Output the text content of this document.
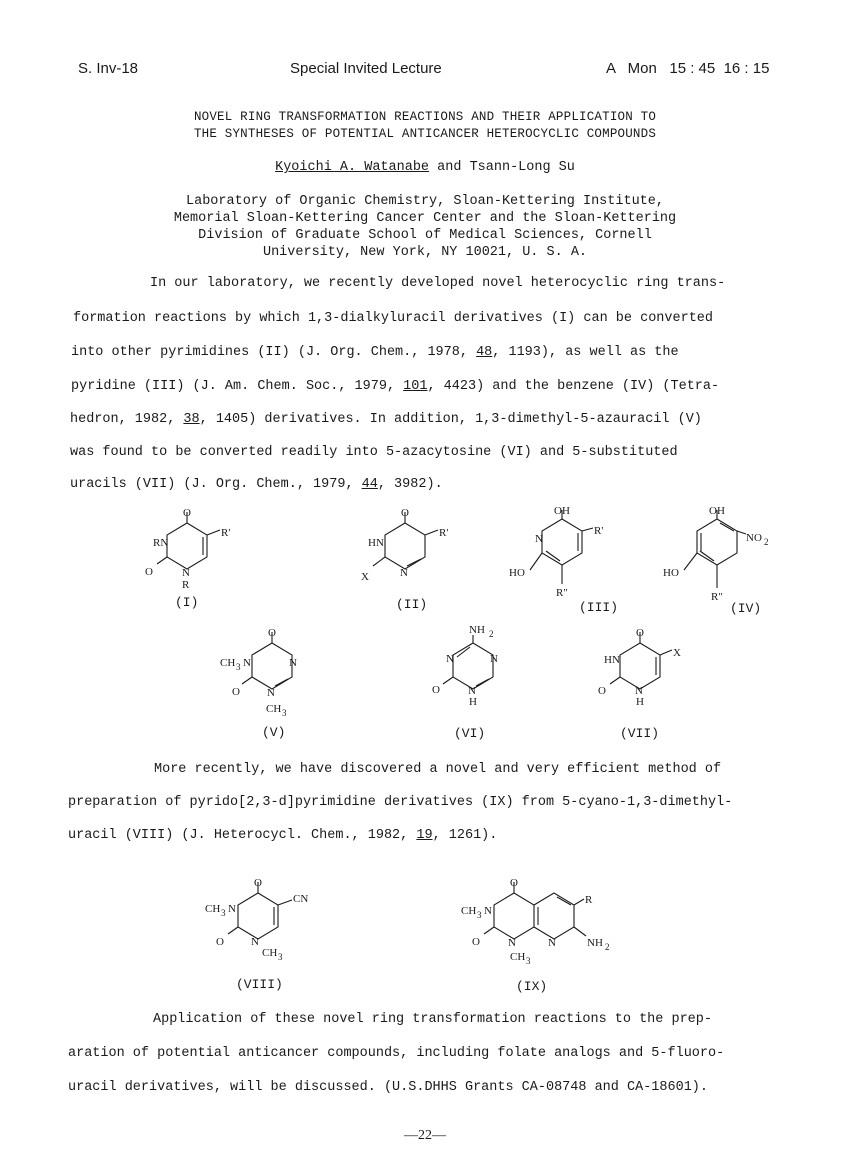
S. Inv-18	Special Invited Lecture	A   Mon   15 : 45  16 : 15
NOVEL RING TRANSFORMATION REACTIONS AND THEIR APPLICATION TO
THE SYNTHESES OF POTENTIAL ANTICANCER HETEROCYCLIC COMPOUNDS
Kyoichi A. Watanabe and Tsann-Long Su
Laboratory of Organic Chemistry, Sloan-Kettering Institute,
Memorial Sloan-Kettering Cancer Center and the Sloan-Kettering
Division of Graduate School of Medical Sciences, Cornell
University, New York, NY 10021, U. S. A.
In our laboratory, we recently developed novel heterocyclic ring trans-
formation reactions by which 1,3-dialkyluracil derivatives (I) can be converted
into other pyrimidines (II) (J. Org. Chem., 1978, 48, 1193), as well as the
pyridine (III) (J. Am. Chem. Soc., 1979, 101, 4423) and the benzene (IV) (Tetra-
hedron, 1982, 38, 1405) derivatives. In addition, 1,3-dimethyl-5-azauracil (V)
was found to be converted readily into 5-azacytosine (VI) and 5-substituted
uracils (VII) (J. Org. Chem., 1979, 44, 3982).
O
R'
RN
O	N
R
O
R'
HN
X	N
OH
R'
N
HO
R"
OH
NO 2
HO
R"
O
CH 3 N	N
O N
CH 3
NH 2
N	N
O	N
H
O
X
HN
O	N
H
O
CN
CH 3 N
O N
CH 3
O
R
CH 3 N
O	N	N	NH 2
CH 3
(I)	(II)	(III)	(IV)
(V)	(VI)	(VII)
(VIII)	(IX)
More recently, we have discovered a novel and very efficient method of
preparation of pyrido[2,3-d]pyrimidine derivatives (IX) from 5-cyano-1,3-dimethyl-
uracil (VIII) (J. Heterocycl. Chem., 1982, 19, 1261).
Application of these novel ring transformation reactions to the prep-
aration of potential anticancer compounds, including folate analogs and 5-fluoro-
uracil derivatives, will be discussed. (U.S.DHHS Grants CA-08748 and CA-18601).
—22—
